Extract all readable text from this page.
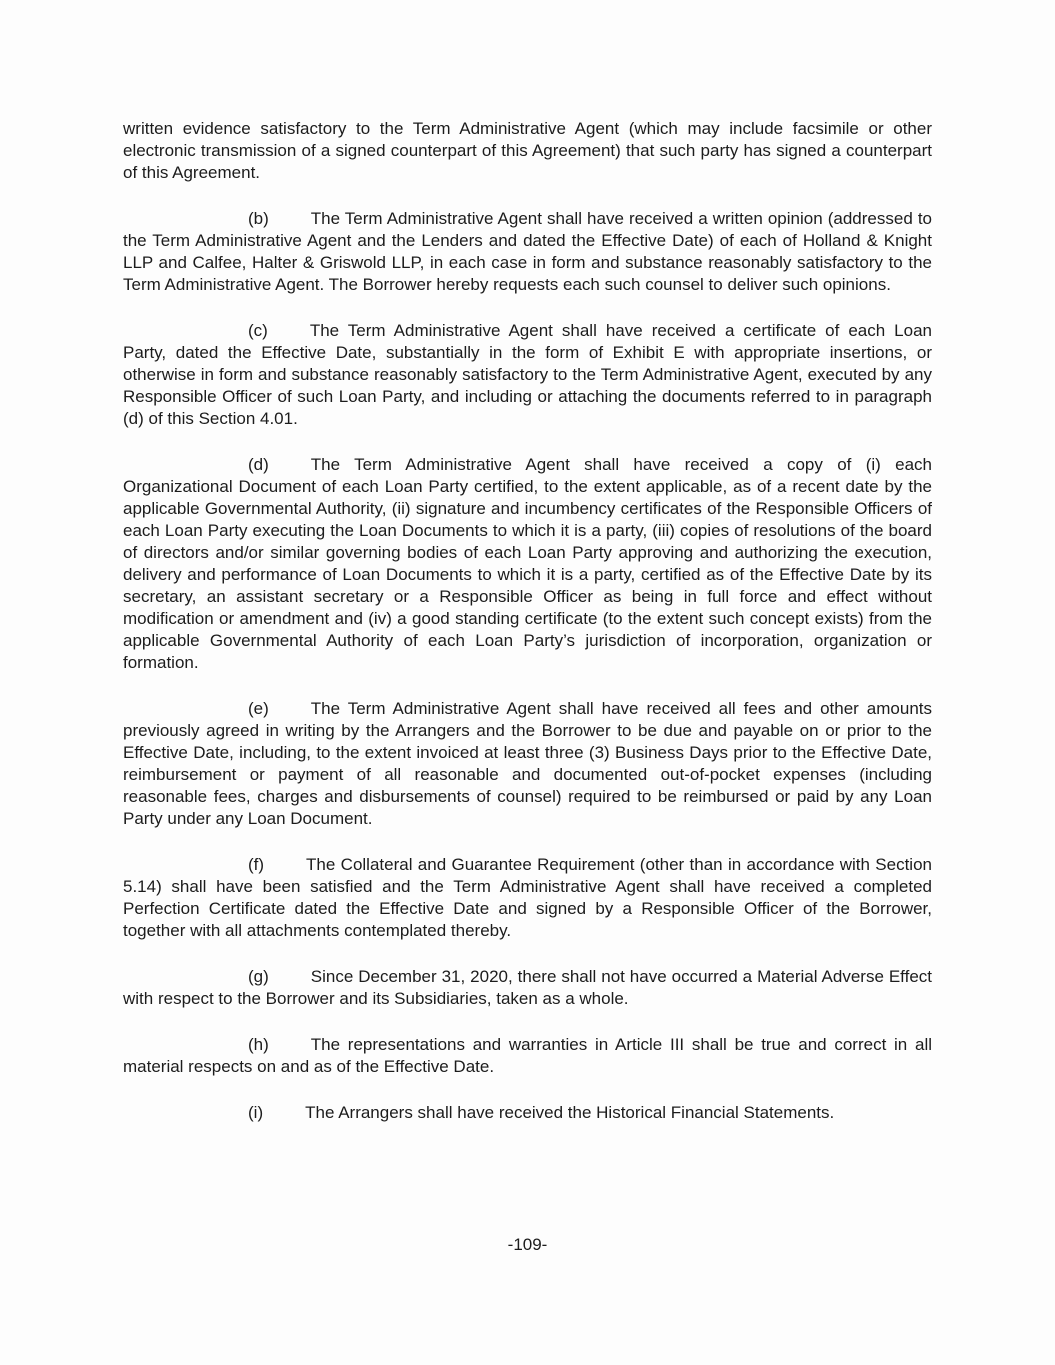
written evidence satisfactory to the Term Administrative Agent (which may include facsimile or other electronic transmission of a signed counterpart of this Agreement) that such party has signed a counterpart of this Agreement.

(b) The Term Administrative Agent shall have received a written opinion (addressed to the Term Administrative Agent and the Lenders and dated the Effective Date) of each of Holland & Knight LLP and Calfee, Halter & Griswold LLP, in each case in form and substance reasonably satisfactory to the Term Administrative Agent. The Borrower hereby requests each such counsel to deliver such opinions.

(c) The Term Administrative Agent shall have received a certificate of each Loan Party, dated the Effective Date, substantially in the form of Exhibit E with appropriate insertions, or otherwise in form and substance reasonably satisfactory to the Term Administrative Agent, executed by any Responsible Officer of such Loan Party, and including or attaching the documents referred to in paragraph (d) of this Section 4.01.

(d) The Term Administrative Agent shall have received a copy of (i) each Organizational Document of each Loan Party certified, to the extent applicable, as of a recent date by the applicable Governmental Authority, (ii) signature and incumbency certificates of the Responsible Officers of each Loan Party executing the Loan Documents to which it is a party, (iii) copies of resolutions of the board of directors and/or similar governing bodies of each Loan Party approving and authorizing the execution, delivery and performance of Loan Documents to which it is a party, certified as of the Effective Date by its secretary, an assistant secretary or a Responsible Officer as being in full force and effect without modification or amendment and (iv) a good standing certificate (to the extent such concept exists) from the applicable Governmental Authority of each Loan Party’s jurisdiction of incorporation, organization or formation.

(e) The Term Administrative Agent shall have received all fees and other amounts previously agreed in writing by the Arrangers and the Borrower to be due and payable on or prior to the Effective Date, including, to the extent invoiced at least three (3) Business Days prior to the Effective Date, reimbursement or payment of all reasonable and documented out-of-pocket expenses (including reasonable fees, charges and disbursements of counsel) required to be reimbursed or paid by any Loan Party under any Loan Document.

(f) The Collateral and Guarantee Requirement (other than in accordance with Section 5.14) shall have been satisfied and the Term Administrative Agent shall have received a completed Perfection Certificate dated the Effective Date and signed by a Responsible Officer of the Borrower, together with all attachments contemplated thereby.

(g) Since December 31, 2020, there shall not have occurred a Material Adverse Effect with respect to the Borrower and its Subsidiaries, taken as a whole.

(h) The representations and warranties in Article III shall be true and correct in all material respects on and as of the Effective Date.

(i) The Arrangers shall have received the Historical Financial Statements.

-109-
